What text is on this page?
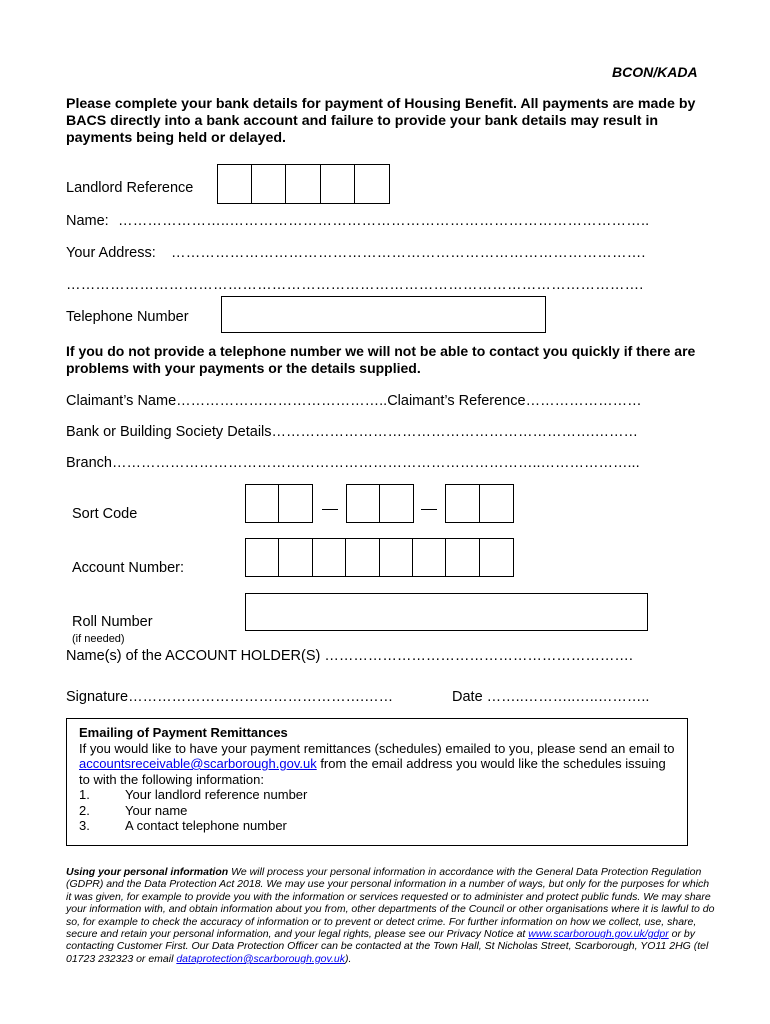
BCON/KADA
Please complete your bank details for payment of Housing Benefit. All payments are made by BACS directly into a bank account and failure to provide your bank details may result in payments being held or delayed.
Landlord Reference
Name: …………………..…………………………………………………………………………..
Your Address: …………………………………………………………………………………….
……………………………………………………………………………………………………….
Telephone Number
If you do not provide a telephone number we will not be able to contact you quickly if there are problems with your payments or the details supplied.
Claimant’s Name……………………………………..Claimant’s Reference……………………
Bank or Building Society Details………………………………………………………….………
Branch……………………………………………………………………………..………………...
Sort Code
Account Number:
Roll Number
(if needed)
Name(s) of the ACCOUNT HOLDER(S) ……………………………………………………….
Signature………………………………………….……	Date ……..………..…..………..
Emailing of Payment Remittances
If you would like to have your payment remittances (schedules) emailed to you, please send an email to accountsreceivable@scarborough.gov.uk from the email address you would like the schedules issuing to with the following information:
1.	Your landlord reference number
2.	Your name
3.	A contact telephone number
Using your personal information We will process your personal information in accordance with the General Data Protection Regulation (GDPR) and the Data Protection Act 2018. We may use your personal information in a number of ways, but only for the purposes for which it was given, for example to provide you with the information or services requested or to administer and protect public funds. We may share your information with, and obtain information about you from, other departments of the Council or other organisations where it is lawful to do so, for example to check the accuracy of information or to prevent or detect crime. For further information on how we collect, use, share, secure and retain your personal information, and your legal rights, please see our Privacy Notice at www.scarborough.gov.uk/gdpr or by contacting Customer First. Our Data Protection Officer can be contacted at the Town Hall, St Nicholas Street, Scarborough, YO11 2HG (tel 01723 232323 or email dataprotection@scarborough.gov.uk).
